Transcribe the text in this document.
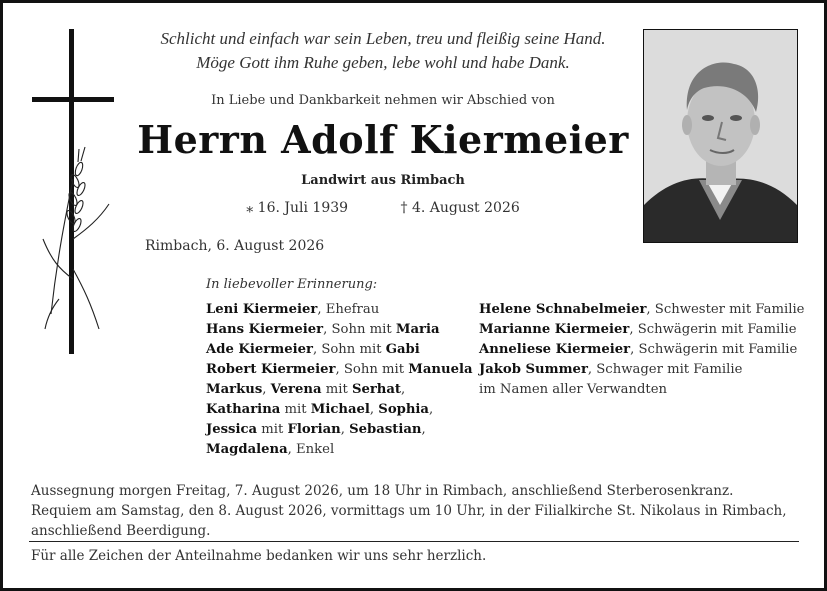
Schlicht und einfach war sein Leben, treu und fleißig seine Hand.
Möge Gott ihm Ruhe geben, lebe wohl und habe Dank.
In Liebe und Dankbarkeit nehmen wir Abschied von
Herrn Adolf Kiermeier
Landwirt aus Rimbach
⁎ 16. Juli 1939	† 4. August 2026
Rimbach, 6. August 2026
In liebevoller Erinnerung:
Leni Kiermeier, Ehefrau
Hans Kiermeier, Sohn mit Maria
Ade Kiermeier, Sohn mit Gabi
Robert Kiermeier, Sohn mit Manuela
Markus, Verena mit Serhat,
Katharina mit Michael, Sophia,
Jessica mit Florian, Sebastian,
Magdalena, Enkel
Helene Schnabelmeier, Schwester mit Familie
Marianne Kiermeier, Schwägerin mit Familie
Anneliese Kiermeier, Schwägerin mit Familie
Jakob Summer, Schwager mit Familie
im Namen aller Verwandten
Aussegnung morgen Freitag, 7. August 2026, um 18 Uhr in Rimbach, anschließend Sterberosenkranz.
Requiem am Samstag, den 8. August 2026, vormittags um 10 Uhr, in der Filialkirche St. Nikolaus in Rimbach,
anschließend Beerdigung.
Für alle Zeichen der Anteilnahme bedanken wir uns sehr herzlich.
